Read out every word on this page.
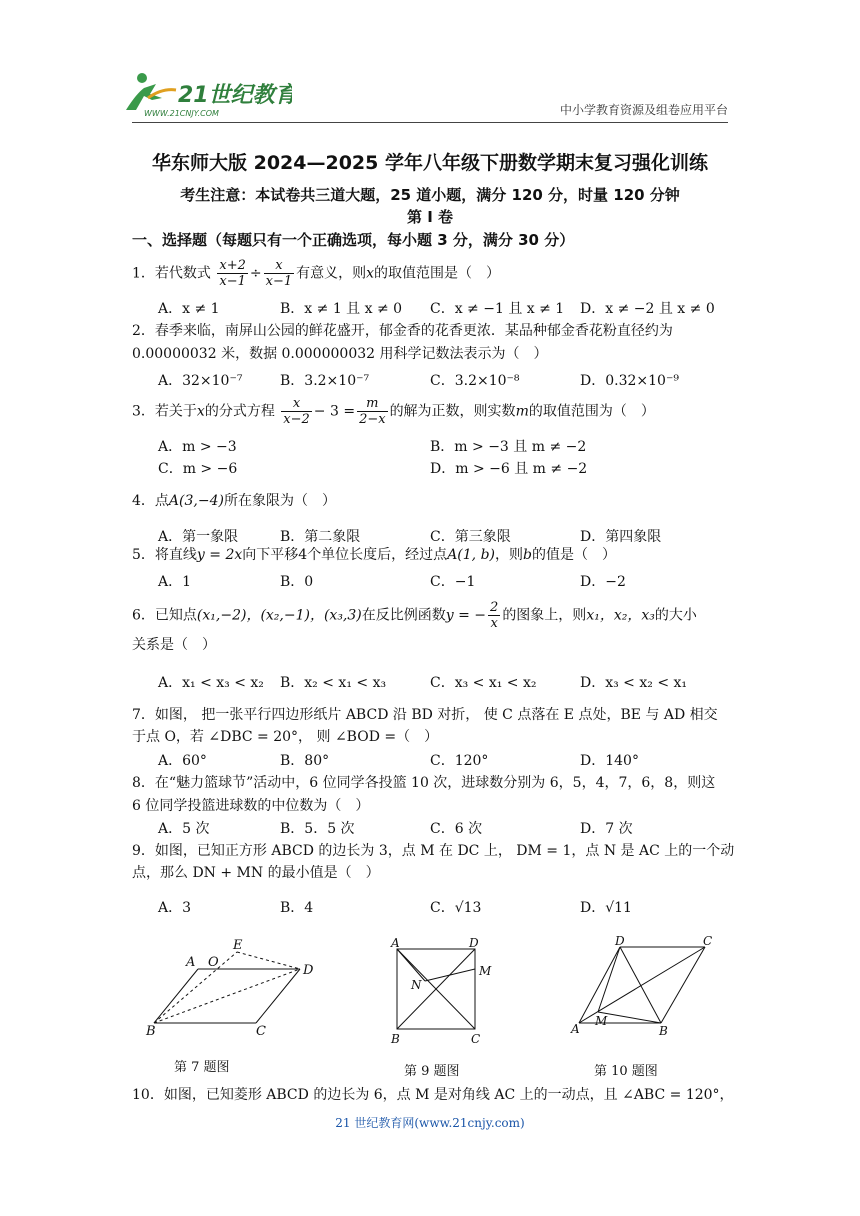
21世纪教育
WWW.21CNJY.COM	中小学教育资源及组卷应用平台
华东师大版 2024—2025 学年八年级下册数学期末复习强化训练
考生注意：本试卷共三道大题，25 道小题，满分 120 分，时量 120 分钟
第 I 卷
一、选择题（每题只有一个正确选项，每小题 3 分，满分 30 分）
1．若代数式 $\frac{x+2}{x-1} \div \frac{x}{x-1}$ 有意义，则x的取值范围是（　）
A．x ≠ 1	B．x ≠ 1 且 x ≠ 0 C．x ≠ −1 且 x ≠ 1 D．x ≠ −2 且 x ≠ 0
2．春季来临，南屏山公园的鲜花盛开，郁金香的花香更浓．某品种郁金香花粉直径约为
0.00000032 米，数据 0.000000032 用科学记数法表示为（　）
A．32×10⁻⁷	B．3.2×10⁻⁷	C．3.2×10⁻⁸	D．0.32×10⁻⁹
3．若关于x的分式方程 $\frac{x}{x-2} - 3 = \frac{m}{2-x}$ 的解为正数，则实数m的取值范围为（　）
A．m > −3	B．m > −3 且 m ≠ −2
C．m > −6	D．m > −6 且 m ≠ −2
4．点A(3,−4)所在象限为（　）
A．第一象限	B．第二象限	C．第三象限	D．第四象限
5．将直线y = 2x向下平移4个单位长度后，经过点A(1, b)，则b的值是（　）
A．1	B．0	C．−1	D．−2
6．已知点(x₁,−2)，(x₂,−1)，(x₃,3)在反比例函数y = − $\frac{2}{x}$ 的图象上，则x₁，x₂，x₃的大小
关系是（　）
A．x₁ < x₃ < x₂ B．x₂ < x₁ < x₃	C．x₃ < x₁ < x₂	D．x₃ < x₂ < x₁
7．如图， 把一张平行四边形纸片 ABCD 沿 BD 对折， 使 C 点落在 E 点处，BE 与 AD 相交
于点 O，若 ∠DBC = 20°， 则 ∠BOD =（　）
A．60°	B．80°	C．120°	D．140°
8．在“魅力篮球节”活动中，6 位同学各投篮 10 次，进球数分别为 6，5，4，7，6，8，则这
6 位同学投篮进球数的中位数为（　）
A．5 次	B．5．5 次	C．6 次	D．7 次
9．如图，已知正方形 ABCD 的边长为 3，点 M 在 DC 上， DM = 1，点 N 是 AC 上的一个动
点，那么 DN + MN 的最小值是（　）
A．3	B．4	C．√13	D．√11
E
A O
D
B	C
第 7 题图
A	D
M
N
B	C
第 9 题图
D	C
A
M
B
第 10 题图
10．如图，已知菱形 ABCD 的边长为 6，点 M 是对角线 AC 上的一动点，且 ∠ABC = 120°，
21 世纪教育网(www.21cnjy.com)
